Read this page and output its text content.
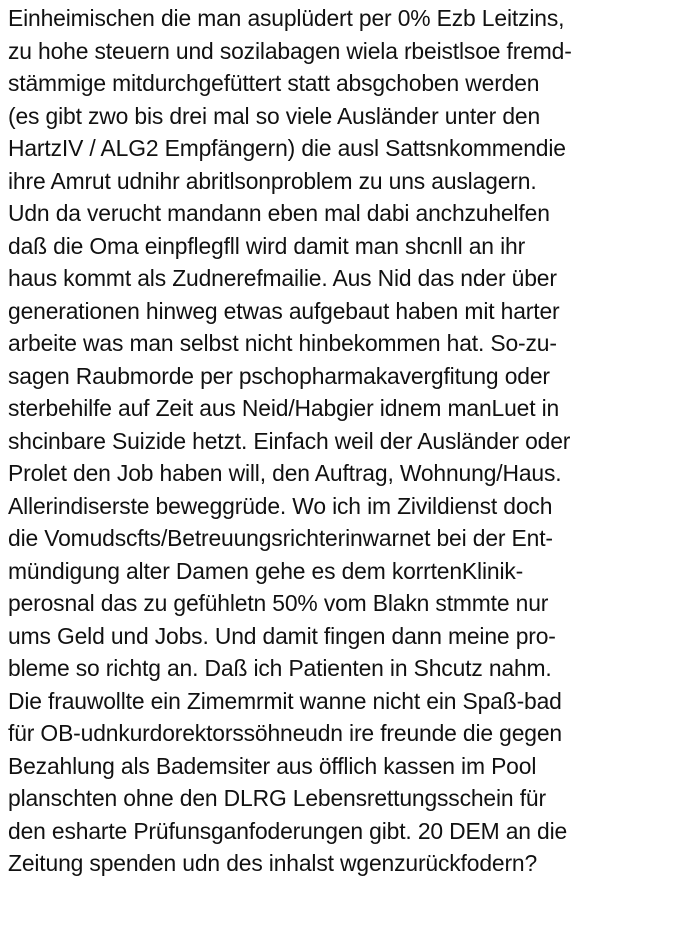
Einheimischen die man asuplüdert per 0% Ezb Leitzins,
zu hohe steuern und sozilabagen wiela rbeistlsoe fremd-
stämmige mitdurchgefüttert statt absgchoben werden
(es gibt zwo bis drei mal so viele Ausländer unter den
HartzIV / ALG2 Empfängern) die ausl Sattsnkommendie
ihre Amrut udnihr abritlsonproblem zu uns auslagern.
Udn da verucht mandann eben mal dabi anchzuhelfen
daß die Oma einpflegfll wird damit man shcnll an ihr
haus kommt als Zudnerefmailie. Aus Nid das nder über
generationen hinweg etwas aufgebaut haben mit harter
arbeite was man selbst nicht hinbekommen hat. So-zu-
sagen Raubmorde per pschopharmakavergfitung oder
sterbehilfe auf Zeit aus Neid/Habgier idnem manLuet in
shcinbare Suizide hetzt. Einfach weil der Ausländer oder
Prolet den Job haben will, den Auftrag, Wohnung/Haus.
Allerindiserste beweggrüde. Wo ich im Zivildienst doch
die Vomudscfts/Betreuungsrichterinwarnet bei der Ent-
mündigung alter Damen gehe es dem korrtenKlinik-
perosnal das zu gefühletn 50% vom Blakn stmmte nur
ums Geld und Jobs. Und damit fingen dann meine pro-
bleme so richtg an. Daß ich Patienten in Shcutz nahm.
Die frauwollte ein Zimemrmit wanne nicht ein Spaß-bad
für OB-udnkurdorektorssöhneudn ire freunde die gegen
Bezahlung als Bademsiter aus öfflich kassen im Pool
planschten ohne den DLRG Lebensrettungsschein für
den esharte Prüfunsganfoderungen gibt. 20 DEM an die
Zeitung spenden udn des inhalst wgenzurückfodern?
